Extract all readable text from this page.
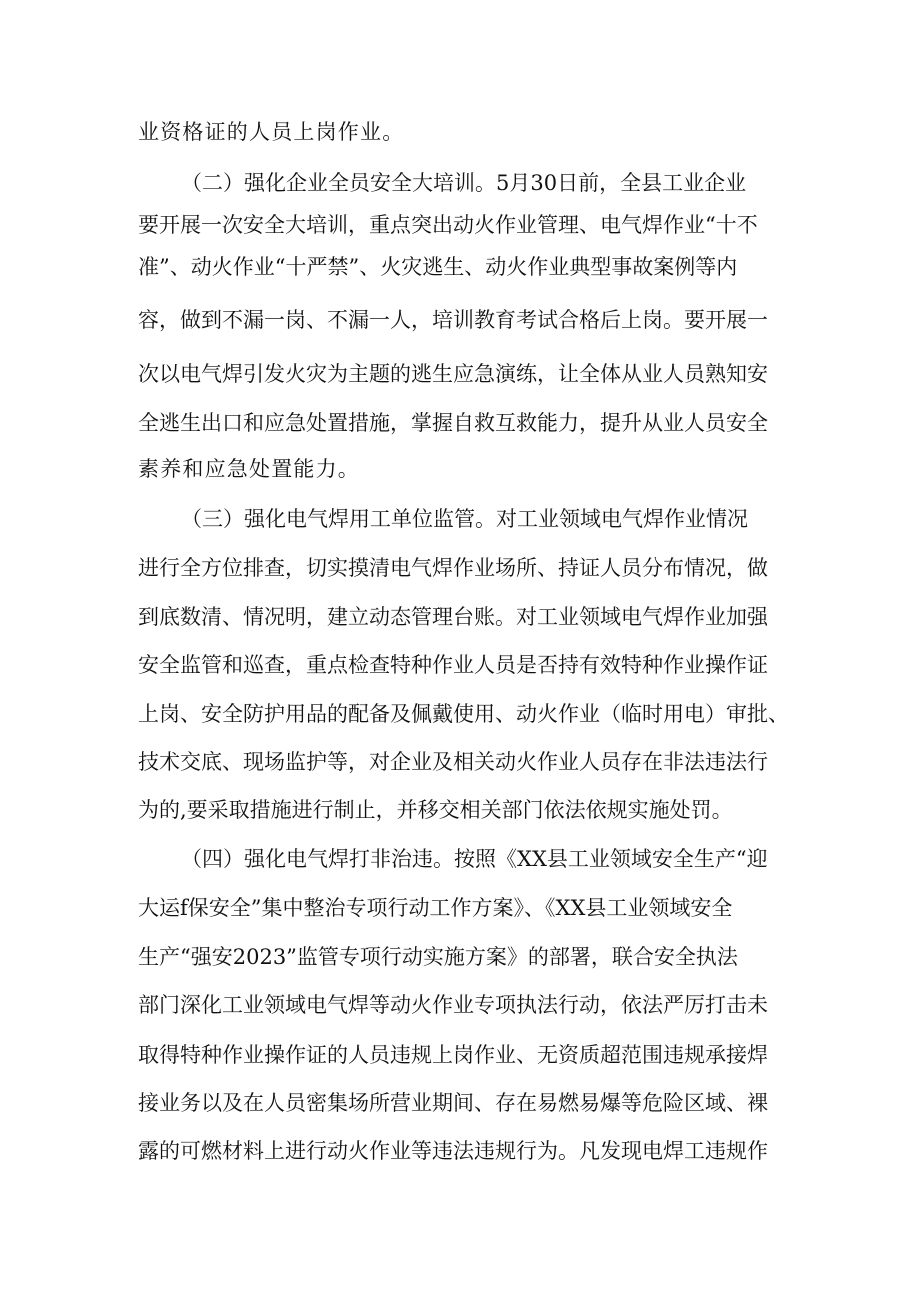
业资格证的人员上岗作业。
（二）强化企业全员安全大培训。5月30日前，全县工业企业
要开展一次安全大培训，重点突出动火作业管理、电气焊作业“十不
准”、动火作业“十严禁”、火灾逃生、动火作业典型事故案例等内
容，做到不漏一岗、不漏一人，培训教育考试合格后上岗。要开展一
次以电气焊引发火灾为主题的逃生应急演练，让全体从业人员熟知安
全逃生出口和应急处置措施，掌握自救互救能力，提升从业人员安全
素养和应急处置能力。
（三）强化电气焊用工单位监管。对工业领域电气焊作业情况
进行全方位排查，切实摸清电气焊作业场所、持证人员分布情况，做
到底数清、情况明，建立动态管理台账。对工业领域电气焊作业加强
安全监管和巡查，重点检查特种作业人员是否持有效特种作业操作证
上岗、安全防护用品的配备及佩戴使用、动火作业（临时用电）审批、
技术交底、现场监护等，对企业及相关动火作业人员存在非法违法行
为的,要采取措施进行制止，并移交相关部门依法依规实施处罚。
（四）强化电气焊打非治违。按照《XX县工业领域安全生产“迎
大运f保安全”集中整治专项行动工作方案》、《XX县工业领域安全
生产“强安2023”监管专项行动实施方案》的部署，联合安全执法
部门深化工业领域电气焊等动火作业专项执法行动，依法严厉打击未
取得特种作业操作证的人员违规上岗作业、无资质超范围违规承接焊
接业务以及在人员密集场所营业期间、存在易燃易爆等危险区域、裸
露的可燃材料上进行动火作业等违法违规行为。凡发现电焊工违规作
